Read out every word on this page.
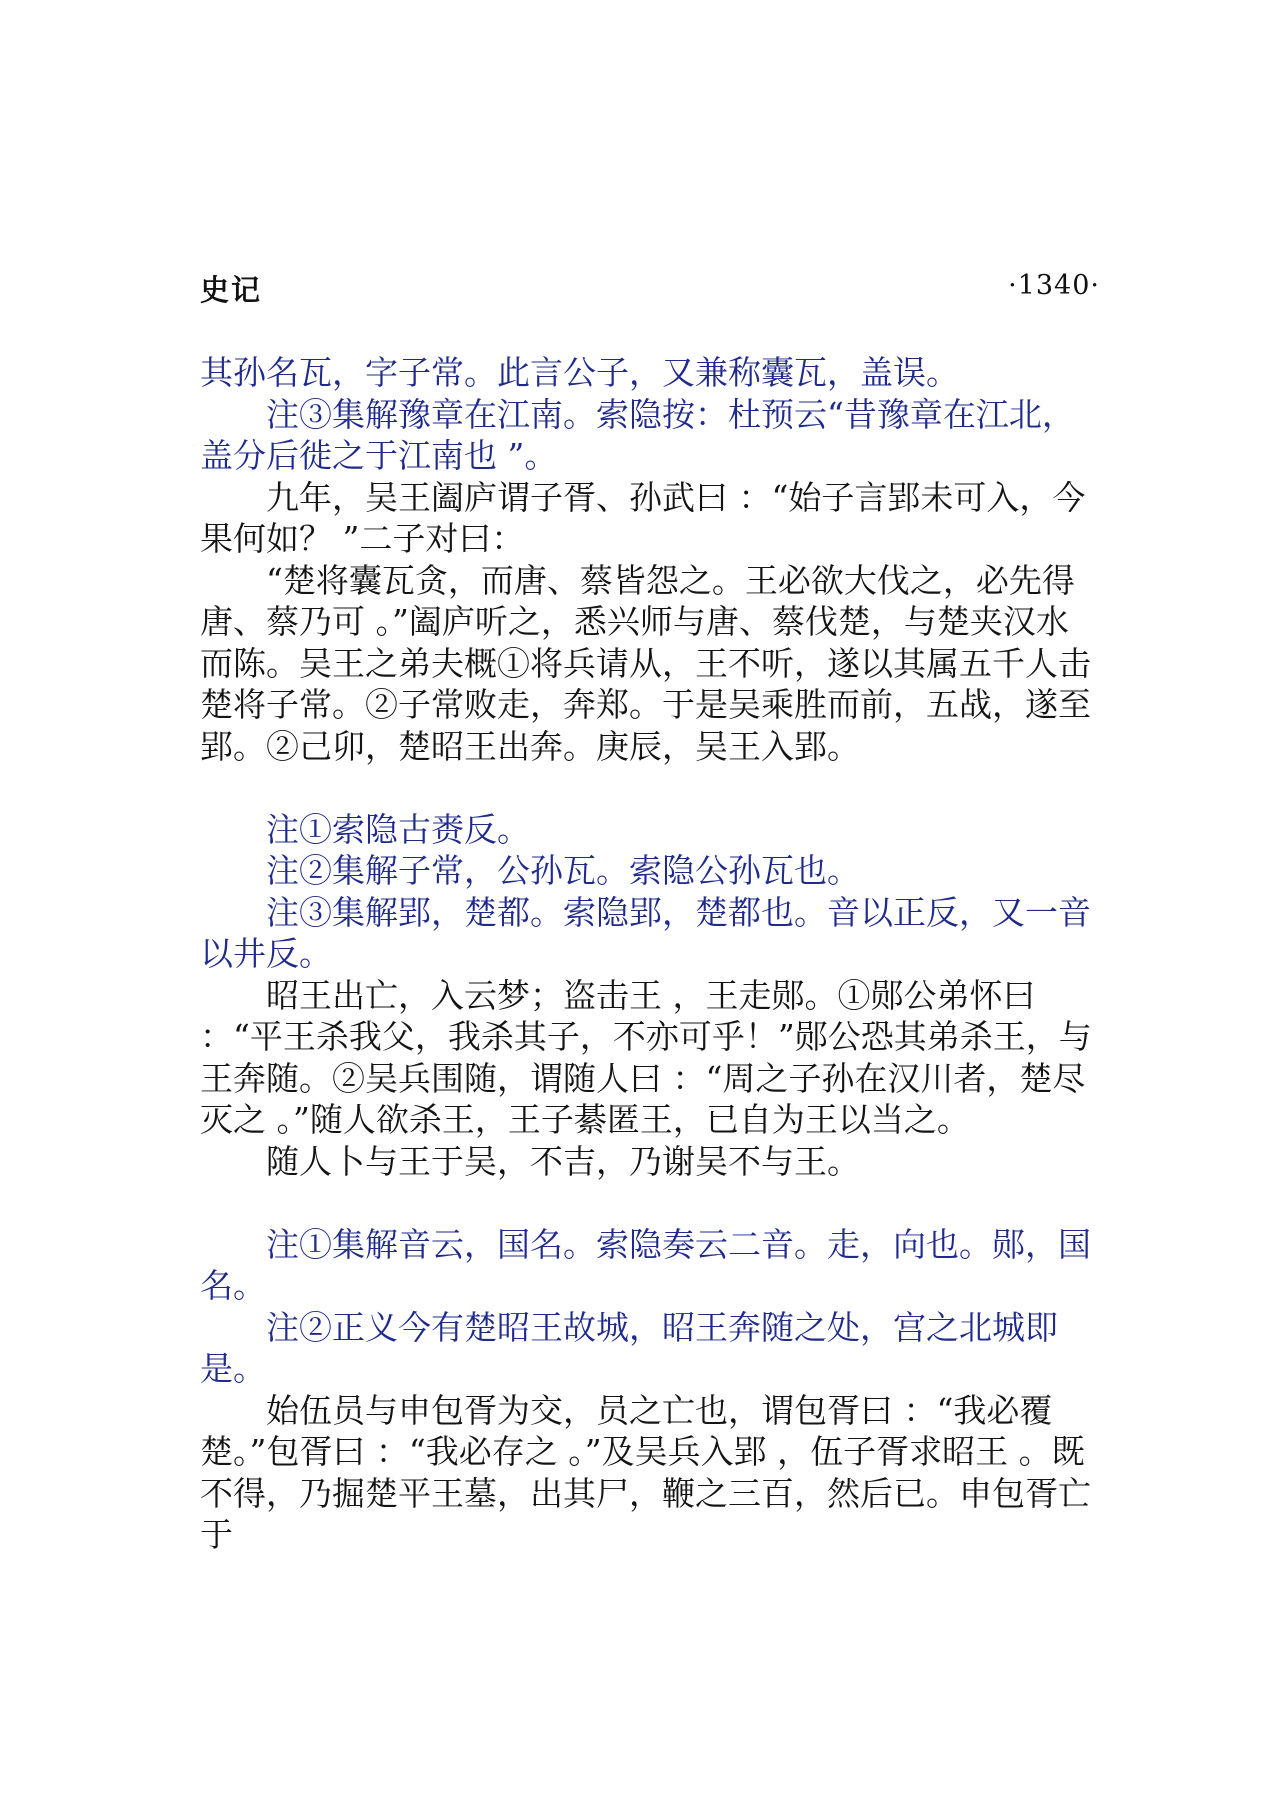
史记	·1340·

其孙名瓦，字子常。此言公子，又兼称囊瓦，盖误。

注③集解豫章在江南。索隐按：杜预云“昔豫章在江北，盖分后徙之于江南也 ”。

九年，吴王阖庐谓子胥、孙武曰 ：“始子言郢未可入，今果何如？ ”二子对曰：

“楚将囊瓦贪，而唐、蔡皆怨之。王必欲大伐之，必先得唐、蔡乃可 。”阖庐听之，悉兴师与唐、蔡伐楚，与楚夹汉水而陈。吴王之弟夫概①将兵请从，王不听，遂以其属五千人击楚将子常。②子常败走，奔郑。于是吴乘胜而前，五战，遂至郢。②己卯，楚昭王出奔。庚辰，吴王入郢。

注①索隐古赉反。

注②集解子常，公孙瓦。索隐公孙瓦也。

注③集解郢，楚都。索隐郢，楚都也。音以正反，又一音以井反。

昭王出亡，入云梦；盗击王 ，王走郧。①郧公弟怀曰 ：“平王杀我父，我杀其子，不亦可乎！”郧公恐其弟杀王，与王奔随。②吴兵围随，谓随人曰 ：“周之子孙在汉川者，楚尽灭之 。”随人欲杀王，王子綦匿王，已自为王以当之。

随人卜与王于吴，不吉，乃谢吴不与王。

注①集解音云，国名。索隐奏云二音。走，向也。郧，国名。

注②正义今有楚昭王故城，昭王奔随之处，宫之北城即是。

始伍员与申包胥为交，员之亡也，谓包胥曰 ：“我必覆楚。”包胥曰 ：“我必存之 。”及吴兵入郢 ，伍子胥求昭王 。既不得，乃掘楚平王墓，出其尸，鞭之三百，然后已。申包胥亡于
